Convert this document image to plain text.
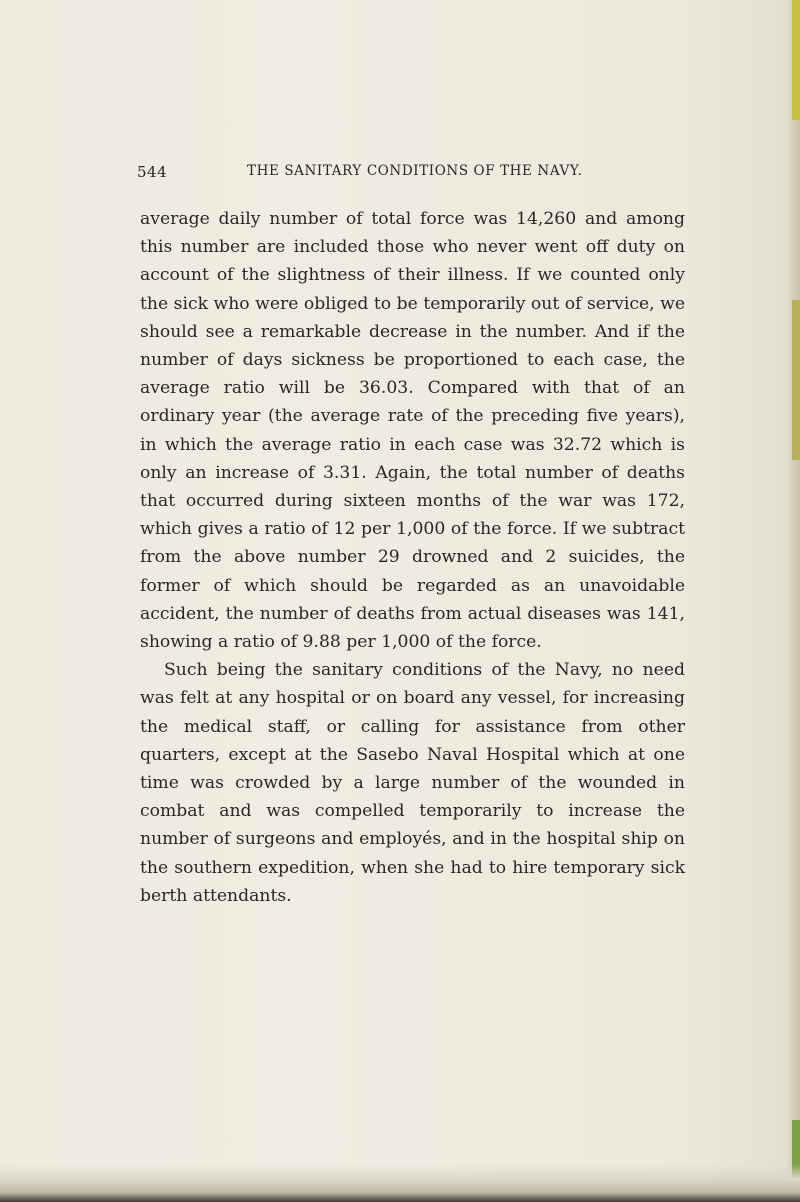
544	THE SANITARY CONDITIONS OF THE NAVY.

average daily number of total force was 14,260 and among this number are included those who never went off duty on account of the slightness of their illness. If we counted only the sick who were obliged to be temporarily out of service, we should see a remarkable decrease in the number. And if the number of days sickness be proportioned to each case, the average ratio will be 36.03. Compared with that of an ordinary year (the average rate of the preceding five years), in which the average ratio in each case was 32.72 which is only an increase of 3.31. Again, the total number of deaths that occurred during sixteen months of the war was 172, which gives a ratio of 12 per 1,000 of the force. If we subtract from the above number 29 drowned and 2 suicides, the former of which should be regarded as an unavoidable accident, the number of deaths from actual diseases was 141, showing a ratio of 9.88 per 1,000 of the force.

Such being the sanitary conditions of the Navy, no need was felt at any hospital or on board any vessel, for increasing the medical staff, or calling for assistance from other quarters, except at the Sasebo Naval Hospital which at one time was crowded by a large number of the wounded in combat and was compelled temporarily to increase the number of surgeons and employés, and in the hospital ship on the southern expedition, when she had to hire temporary sick berth attendants.
